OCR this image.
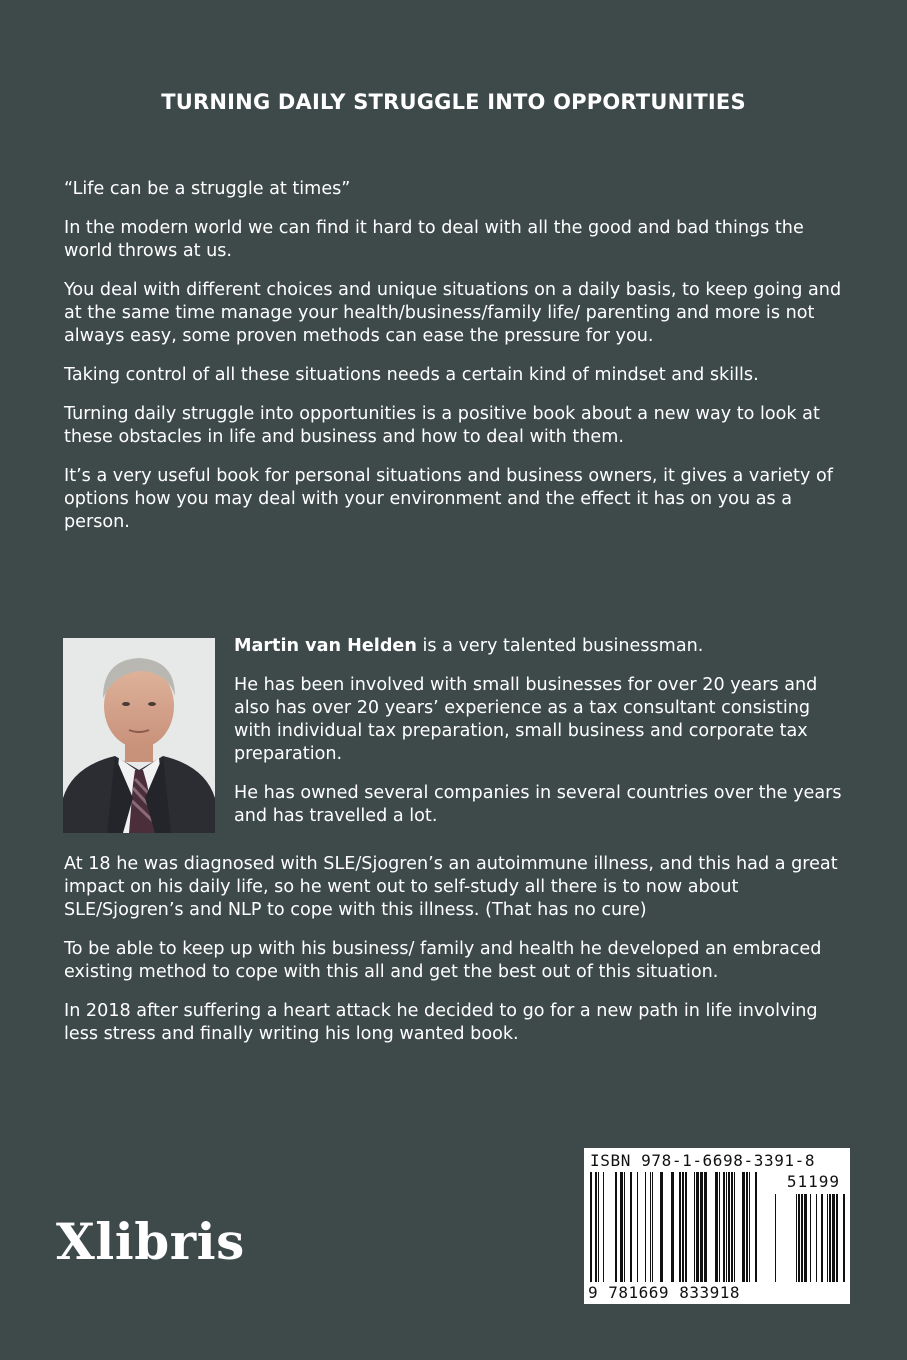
TURNING DAILY STRUGGLE INTO OPPORTUNITIES

“Life can be a struggle at times”

In the modern world we can find it hard to deal with all the good and bad things the world throws at us.

You deal with different choices and unique situations on a daily basis, to keep going and at the same time manage your health/business/family life/ parenting and more is not always easy, some proven methods can ease the pressure for you.

Taking control of all these situations needs a certain kind of mindset and skills.

Turning daily struggle into opportunities is a positive book about a new way to look at these obstacles in life and business and how to deal with them.

It’s a very useful book for personal situations and business owners, it gives a variety of options how you may deal with your environment and the effect it has on you as a person.

Martin van Helden is a very talented businessman.

He has been involved with small businesses for over 20 years and also has over 20 years’ experience as a tax consultant consisting with individual tax preparation, small business and corporate tax preparation.

He has owned several companies in several countries over the years and has travelled a lot.

At 18 he was diagnosed with SLE/Sjogren’s an autoimmune illness, and this had a great impact on his daily life, so he went out to self-study all there is to now about SLE/Sjogren’s and NLP to cope with this illness. (That has no cure)

To be able to keep up with his business/ family and health he developed an embraced existing method to cope with this all and get the best out of this situation.

In 2018 after suffering a heart attack he decided to go for a new path in life involving less stress and finally writing his long wanted book.

Xlibris
ISBN 978-1-6698-3391-8
51199
9 781669 833918
